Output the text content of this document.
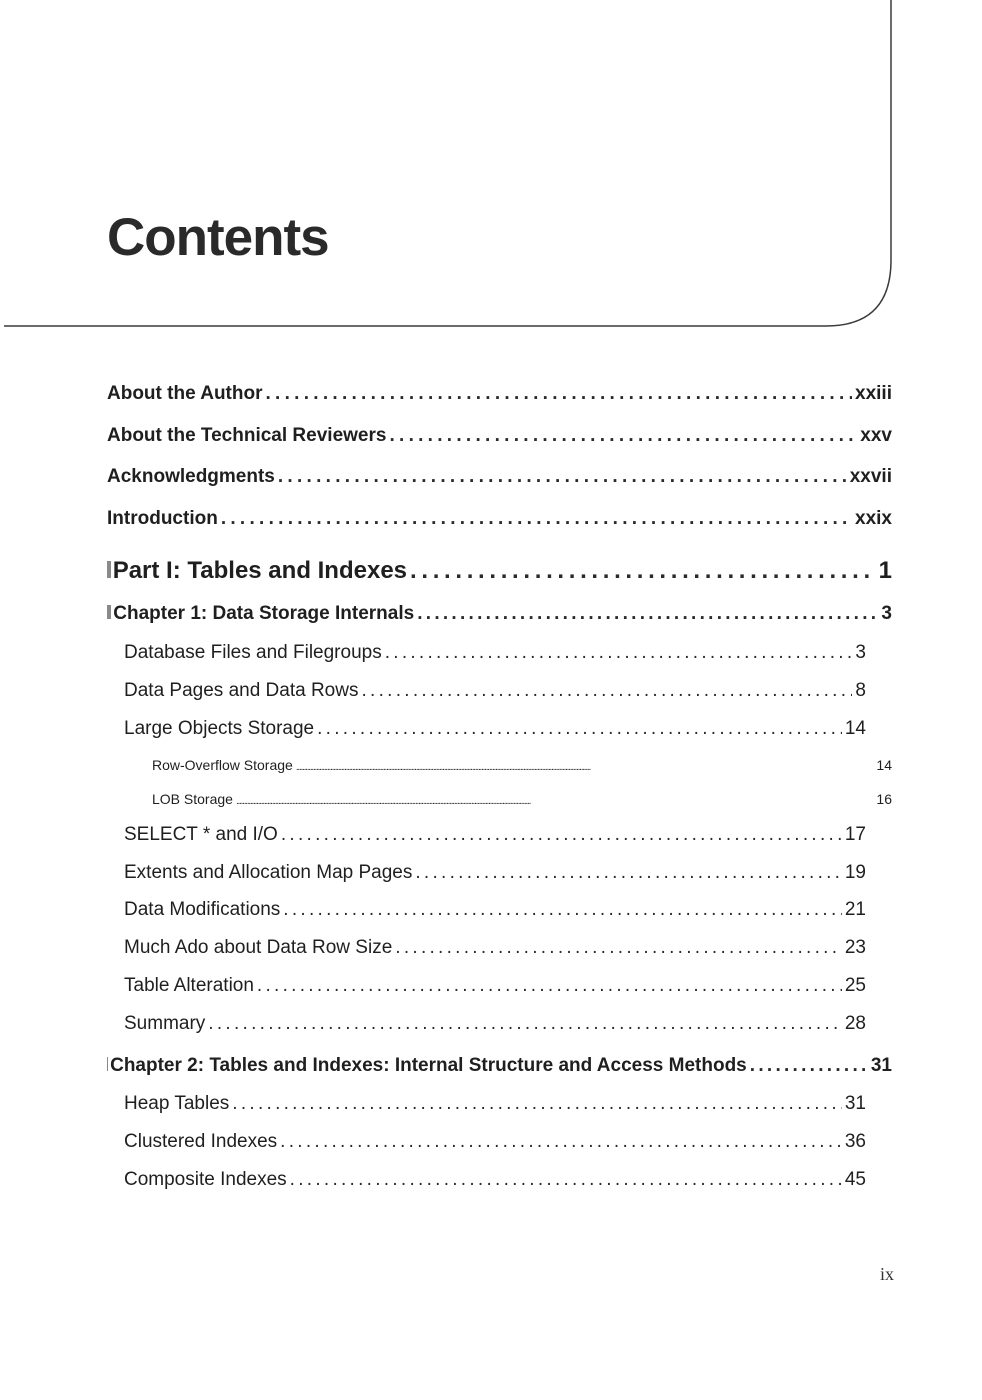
Contents
About the Author . . .	xxiii
About the Technical Reviewers . . .	xxv
Acknowledgments . . .	xxvii
Introduction . . .	xxix
Part I: Tables and Indexes . . .	1
Chapter 1: Data Storage Internals . . .	3
Database Files and Filegroups . . .	3
Data Pages and Data Rows . . .	8
Large Objects Storage . . .	14
Row-Overflow Storage . . .	14
LOB Storage . . .	16
SELECT * and I/O . . .	17
Extents and Allocation Map Pages . . .	19
Data Modifications . . .	21
Much Ado about Data Row Size . . .	23
Table Alteration . . .	25
Summary . . .	28
Chapter 2: Tables and Indexes: Internal Structure and Access Methods . . .	31
Heap Tables . . .	31
Clustered Indexes . . .	36
Composite Indexes . . .	45
ix
